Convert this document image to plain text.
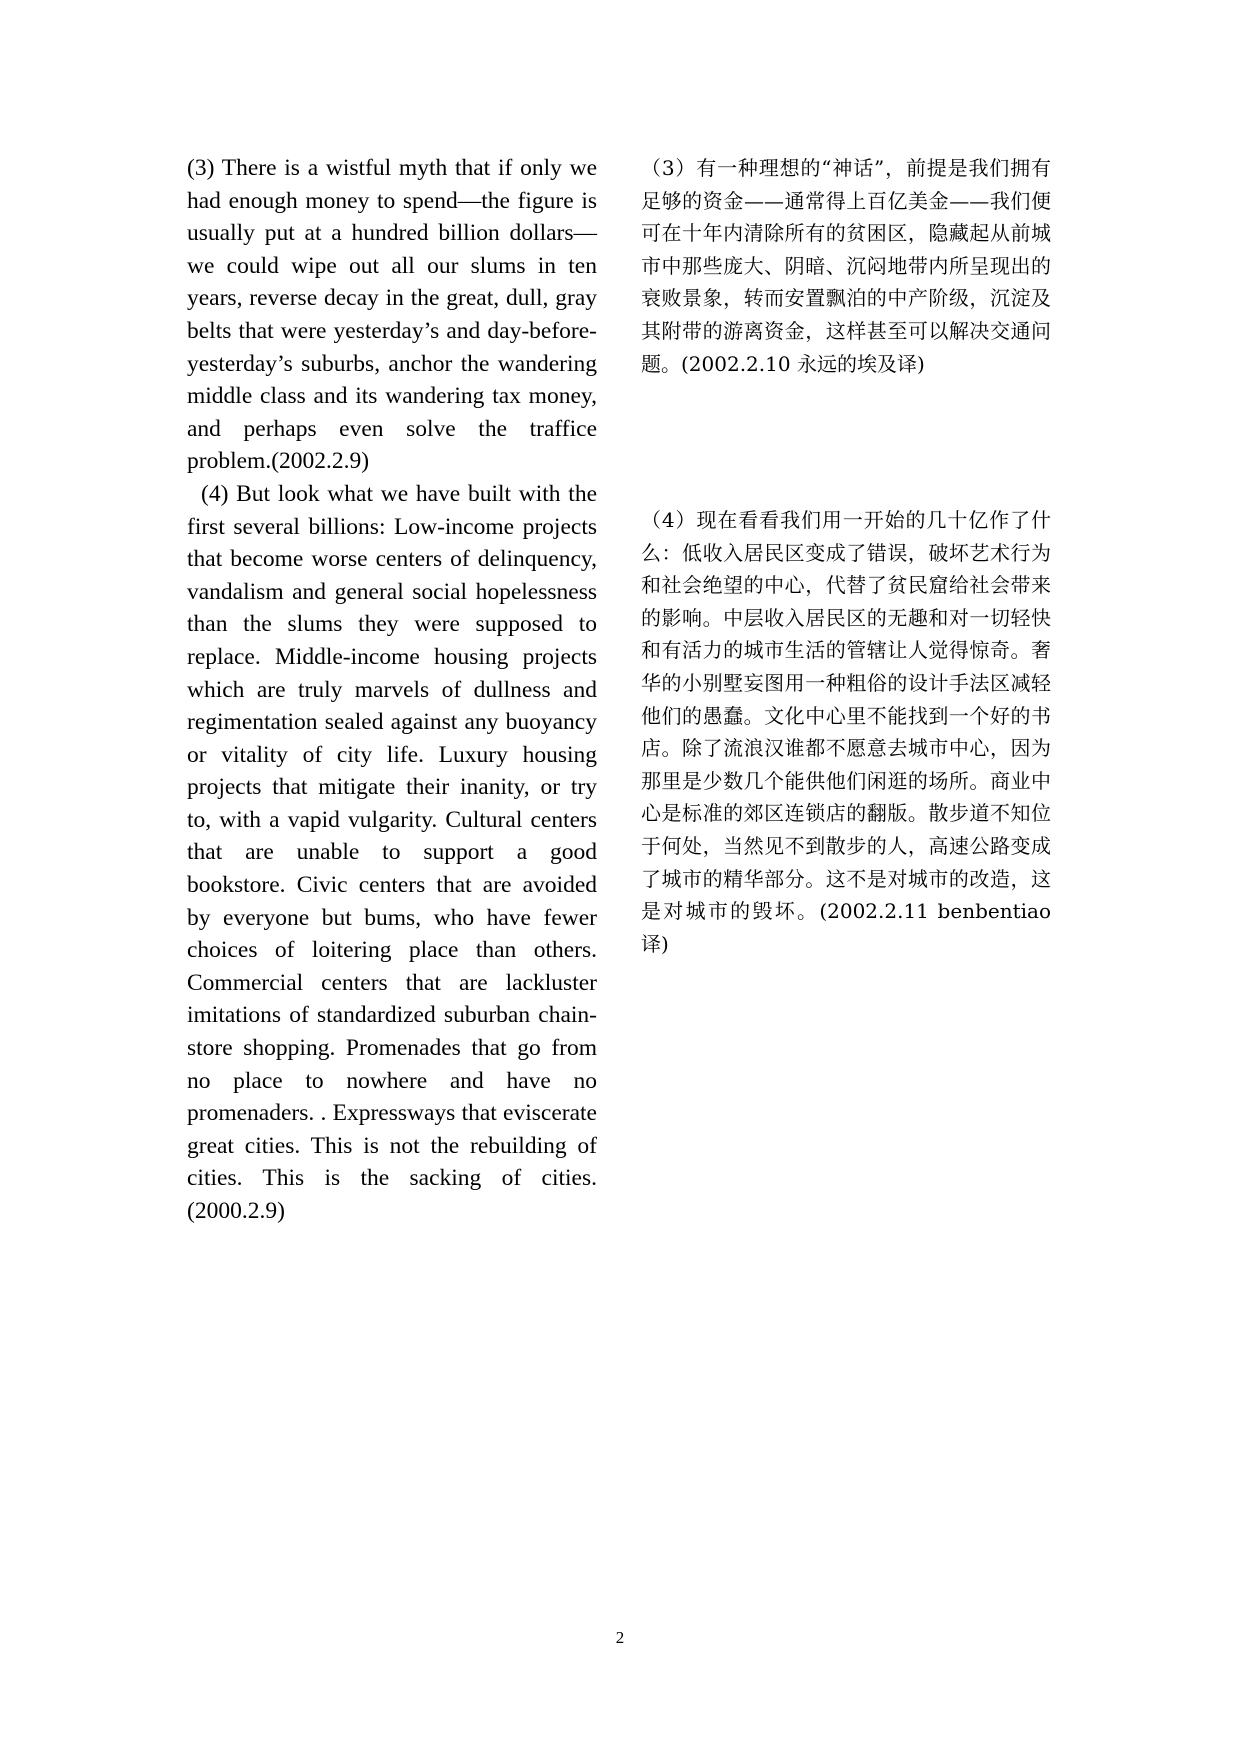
(3) There is a wistful myth that if only we had enough money to spend—the figure is usually put at a hundred billion dollars—we could wipe out all our slums in ten years, reverse decay in the great, dull, gray belts that were yesterday’s and day-before-yesterday’s suburbs, anchor the wandering middle class and its wandering tax money, and perhaps even solve the traffice problem.(2002.2.9)

(4) But look what we have built with the first several billions: Low-income projects that become worse centers of delinquency, vandalism and general social hopelessness than the slums they were supposed to replace. Middle-income housing projects which are truly marvels of dullness and regimentation sealed against any buoyancy or vitality of city life. Luxury housing projects that mitigate their inanity, or try to, with a vapid vulgarity. Cultural centers that are unable to support a good bookstore. Civic centers that are avoided by everyone but bums, who have fewer choices of loitering place than others. Commercial centers that are lackluster imitations of standardized suburban chain-store shopping. Promenades that go from no place to nowhere and have no promenaders. . Expressways that eviscerate great cities. This is not the rebuilding of cities. This is the sacking of cities.(2000.2.9)

（3）有一种理想的“神话”，前提是我们拥有足够的资金——通常得上百亿美金——我们便可在十年内清除所有的贫困区，隐藏起从前城市中那些庞大、阴暗、沉闷地带内所呈现出的衰败景象，转而安置飘泊的中产阶级，沉淀及其附带的游离资金，这样甚至可以解决交通问题。(2002.2.10 永远的埃及译)
（4）现在看看我们用一开始的几十亿作了什么：低收入居民区变成了错误，破坏艺术行为和社会绝望的中心，代替了贫民窟给社会带来的影响。中层收入居民区的无趣和对一切轻快和有活力的城市生活的管辖让人觉得惊奇。奢华的小别墅妄图用一种粗俗的设计手法区减轻他们的愚蠢。文化中心里不能找到一个好的书店。除了流浪汉谁都不愿意去城市中心，因为那里是少数几个能供他们闲逛的场所。商业中心是标准的郊区连锁店的翻版。散步道不知位于何处，当然见不到散步的人，高速公路变成了城市的精华部分。这不是对城市的改造，这是对城市的毁坏。(2002.2.11 benbentiao 译)
2
